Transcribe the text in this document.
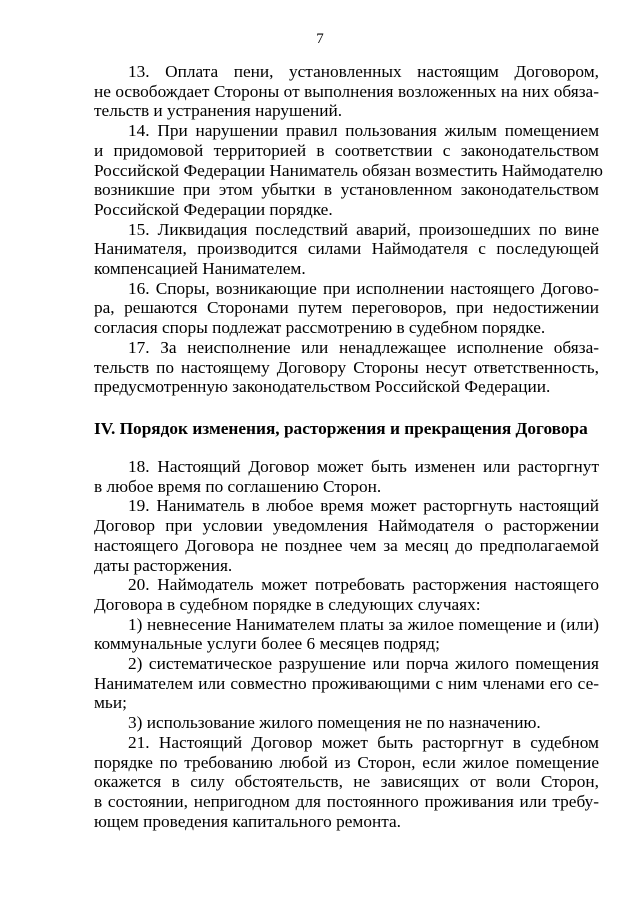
7
13. Оплата пени, установленных настоящим Договором,
не освобождает Стороны от выполнения возложенных на них обяза-
тельств и устранения нарушений.
14. При нарушении правил пользования жилым помещением
и придомовой территорией в соответствии с законодательством
Российской Федерации Наниматель обязан возместить Наймодателю
возникшие при этом убытки в установленном законодательством
Российской Федерации порядке.
15. Ликвидация последствий аварий, произошедших по вине
Нанимателя, производится силами Наймодателя с последующей
компенсацией Нанимателем.
16. Споры, возникающие при исполнении настоящего Догово-
ра, решаются Сторонами путем переговоров, при недостижении
согласия споры подлежат рассмотрению в судебном порядке.
17. За неисполнение или ненадлежащее исполнение обяза-
тельств по настоящему Договору Стороны несут ответственность,
предусмотренную законодательством Российской Федерации.
IV. Порядок изменения, расторжения и прекращения Договора
18. Настоящий Договор может быть изменен или расторгнут
в любое время по соглашению Сторон.
19. Наниматель в любое время может расторгнуть настоящий
Договор при условии уведомления Наймодателя о расторжении
настоящего Договора не позднее чем за месяц до предполагаемой
даты расторжения.
20. Наймодатель может потребовать расторжения настоящего
Договора в судебном порядке в следующих случаях:
1) невнесение Нанимателем платы за жилое помещение и (или)
коммунальные услуги более 6 месяцев подряд;
2) систематическое разрушение или порча жилого помещения
Нанимателем или совместно проживающими с ним членами его се-
мьи;
3) использование жилого помещения не по назначению.
21. Настоящий Договор может быть расторгнут в судебном
порядке по требованию любой из Сторон, если жилое помещение
окажется в силу обстоятельств, не зависящих от воли Сторон,
в состоянии, непригодном для постоянного проживания или требу-
ющем проведения капитального ремонта.
